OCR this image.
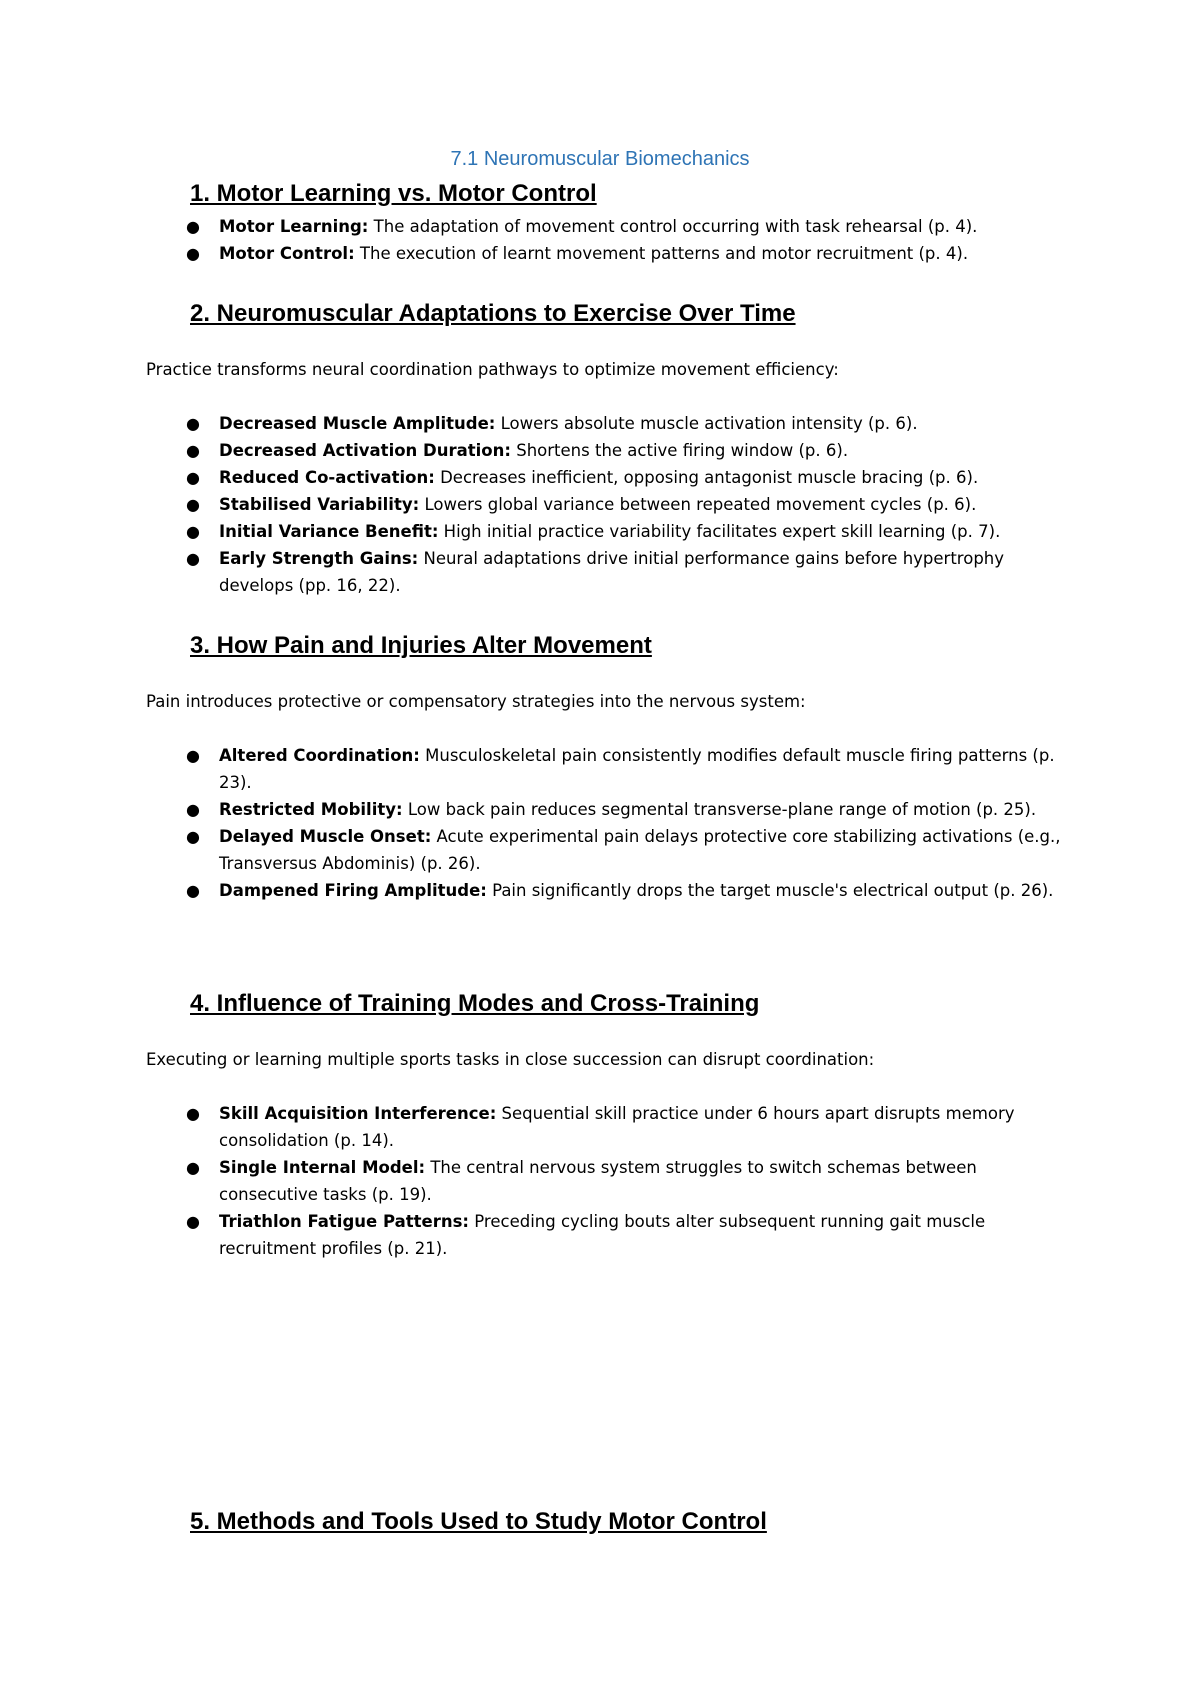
7.1 Neuromuscular Biomechanics
1. Motor Learning vs. Motor Control
● Motor Learning: The adaptation of movement control occurring with task rehearsal (p. 4).
● Motor Control: The execution of learnt movement patterns and motor recruitment (p. 4).
2. Neuromuscular Adaptations to Exercise Over Time

Practice transforms neural coordination pathways to optimize movement efficiency:

● Decreased Muscle Amplitude: Lowers absolute muscle activation intensity (p. 6).
● Decreased Activation Duration: Shortens the active firing window (p. 6).
● Reduced Co-activation: Decreases inefficient, opposing antagonist muscle bracing (p. 6).
● Stabilised Variability: Lowers global variance between repeated movement cycles (p. 6).
● Initial Variance Benefit: High initial practice variability facilitates expert skill learning (p. 7).
● Early Strength Gains: Neural adaptations drive initial performance gains before hypertrophy develops (pp. 16, 22).
3. How Pain and Injuries Alter Movement

Pain introduces protective or compensatory strategies into the nervous system:

● Altered Coordination: Musculoskeletal pain consistently modifies default muscle firing patterns (p. 23).
● Restricted Mobility: Low back pain reduces segmental transverse-plane range of motion (p. 25).
● Delayed Muscle Onset: Acute experimental pain delays protective core stabilizing activations (e.g., Transversus Abdominis) (p. 26).
● Dampened Firing Amplitude: Pain significantly drops the target muscle's electrical output (p. 26).
4. Influence of Training Modes and Cross-Training

Executing or learning multiple sports tasks in close succession can disrupt coordination:

● Skill Acquisition Interference: Sequential skill practice under 6 hours apart disrupts memory consolidation (p. 14).
● Single Internal Model: The central nervous system struggles to switch schemas between consecutive tasks (p. 19).
● Triathlon Fatigue Patterns: Preceding cycling bouts alter subsequent running gait muscle recruitment profiles (p. 21).
5. Methods and Tools Used to Study Motor Control
